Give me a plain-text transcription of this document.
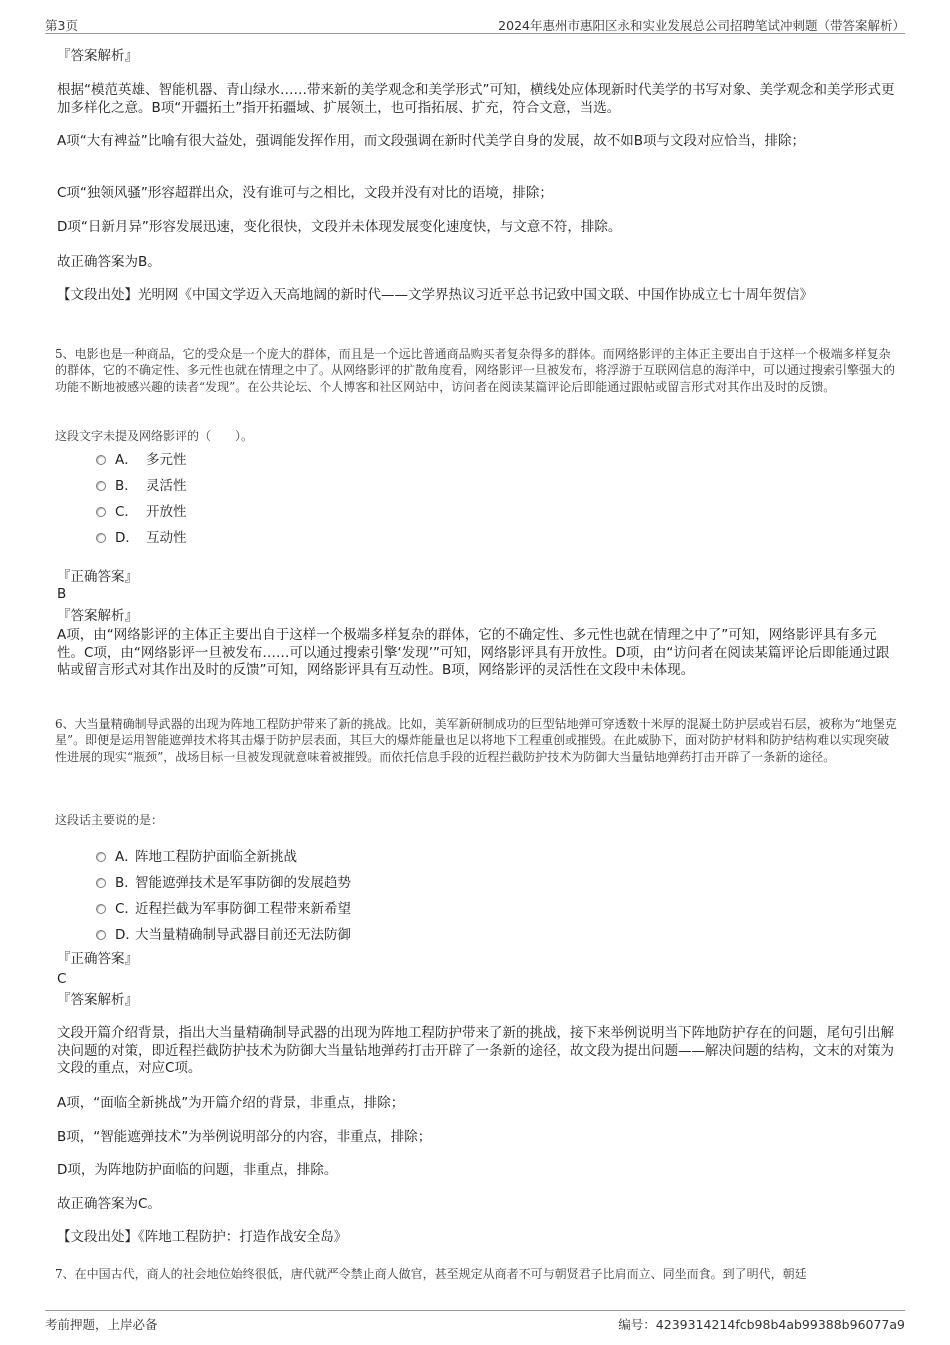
第3页	2024年惠州市惠阳区永和实业发展总公司招聘笔试冲刺题（带答案解析）
『答案解析』
根据“模范英雄、智能机器、青山绿水……带来新的美学观念和美学形式”可知，横线处应体现新时代美学的书写对象、美学观念和美学形式更加多样化之意。B项“开疆拓土”指开拓疆域、扩展领土，也可指拓展、扩充，符合文意，当选。
A项“大有裨益”比喻有很大益处，强调能发挥作用，而文段强调在新时代美学自身的发展，故不如B项与文段对应恰当，排除；
C项“独领风骚”形容超群出众，没有谁可与之相比，文段并没有对比的语境，排除；
D项“日新月异”形容发展迅速，变化很快，文段并未体现发展变化速度快，与文意不符，排除。
故正确答案为B。
【文段出处】光明网《中国文学迈入天高地阔的新时代——文学界热议习近平总书记致中国文联、中国作协成立七十周年贺信》
5、电影也是一种商品，它的受众是一个庞大的群体，而且是一个远比普通商品购买者复杂得多的群体。而网络影评的主体正主要出自于这样一个极端多样复杂的群体，它的不确定性、多元性也就在情理之中了。从网络影评的扩散角度看，网络影评一旦被发布，将浮游于互联网信息的海洋中，可以通过搜索引擎强大的功能不断地被感兴趣的读者“发现”。在公共论坛、个人博客和社区网站中，访问者在阅读某篇评论后即能通过跟帖或留言形式对其作出及时的反馈。
这段文字未提及网络影评的（　　）。
A． 多元性
B． 灵活性
C． 开放性
D． 互动性
『正确答案』
B
『答案解析』
A项，由“网络影评的主体正主要出自于这样一个极端多样复杂的群体，它的不确定性、多元性也就在情理之中了”可知，网络影评具有多元性。C项，由“网络影评一旦被发布……可以通过搜索引擎‘发现’”可知，网络影评具有开放性。D项，由“访问者在阅读某篇评论后即能通过跟帖或留言形式对其作出及时的反馈”可知，网络影评具有互动性。B项，网络影评的灵活性在文段中未体现。
6、大当量精确制导武器的出现为阵地工程防护带来了新的挑战。比如，美军新研制成功的巨型钻地弹可穿透数十米厚的混凝土防护层或岩石层，被称为“地堡克星”。即便是运用智能遮弹技术将其击爆于防护层表面，其巨大的爆炸能量也足以将地下工程重创或摧毁。在此威胁下，面对防护材料和防护结构难以实现突破性进展的现实“瓶颈”，战场目标一旦被发现就意味着被摧毁。而依托信息手段的近程拦截防护技术为防御大当量钻地弹药打击开辟了一条新的途径。
这段话主要说的是：
A．
阵地工程防护面临全新挑战
B．
智能遮弹技术是军事防御的发展趋势
C．
近程拦截为军事防御工程带来新希望
D．
大当量精确制导武器目前还无法防御
『正确答案』
C
『答案解析』
文段开篇介绍背景，指出大当量精确制导武器的出现为阵地工程防护带来了新的挑战，接下来举例说明当下阵地防护存在的问题，尾句引出解决问题的对策，即近程拦截防护技术为防御大当量钻地弹药打击开辟了一条新的途径，故文段为提出问题——解决问题的结构，文末的对策为文段的重点，对应C项。
A项，“面临全新挑战”为开篇介绍的背景，非重点，排除；
B项，“智能遮弹技术”为举例说明部分的内容，非重点，排除；
D项，为阵地防护面临的问题，非重点，排除。
故正确答案为C。
【文段出处】《阵地工程防护：打造作战安全岛》
7、在中国古代，商人的社会地位始终很低，唐代就严令禁止商人做官，甚至规定从商者不可与朝贤君子比肩而立、同坐而食。到了明代，朝廷
考前押题，上岸必备	编号：4239314214fcb98b4ab99388b96077a9
